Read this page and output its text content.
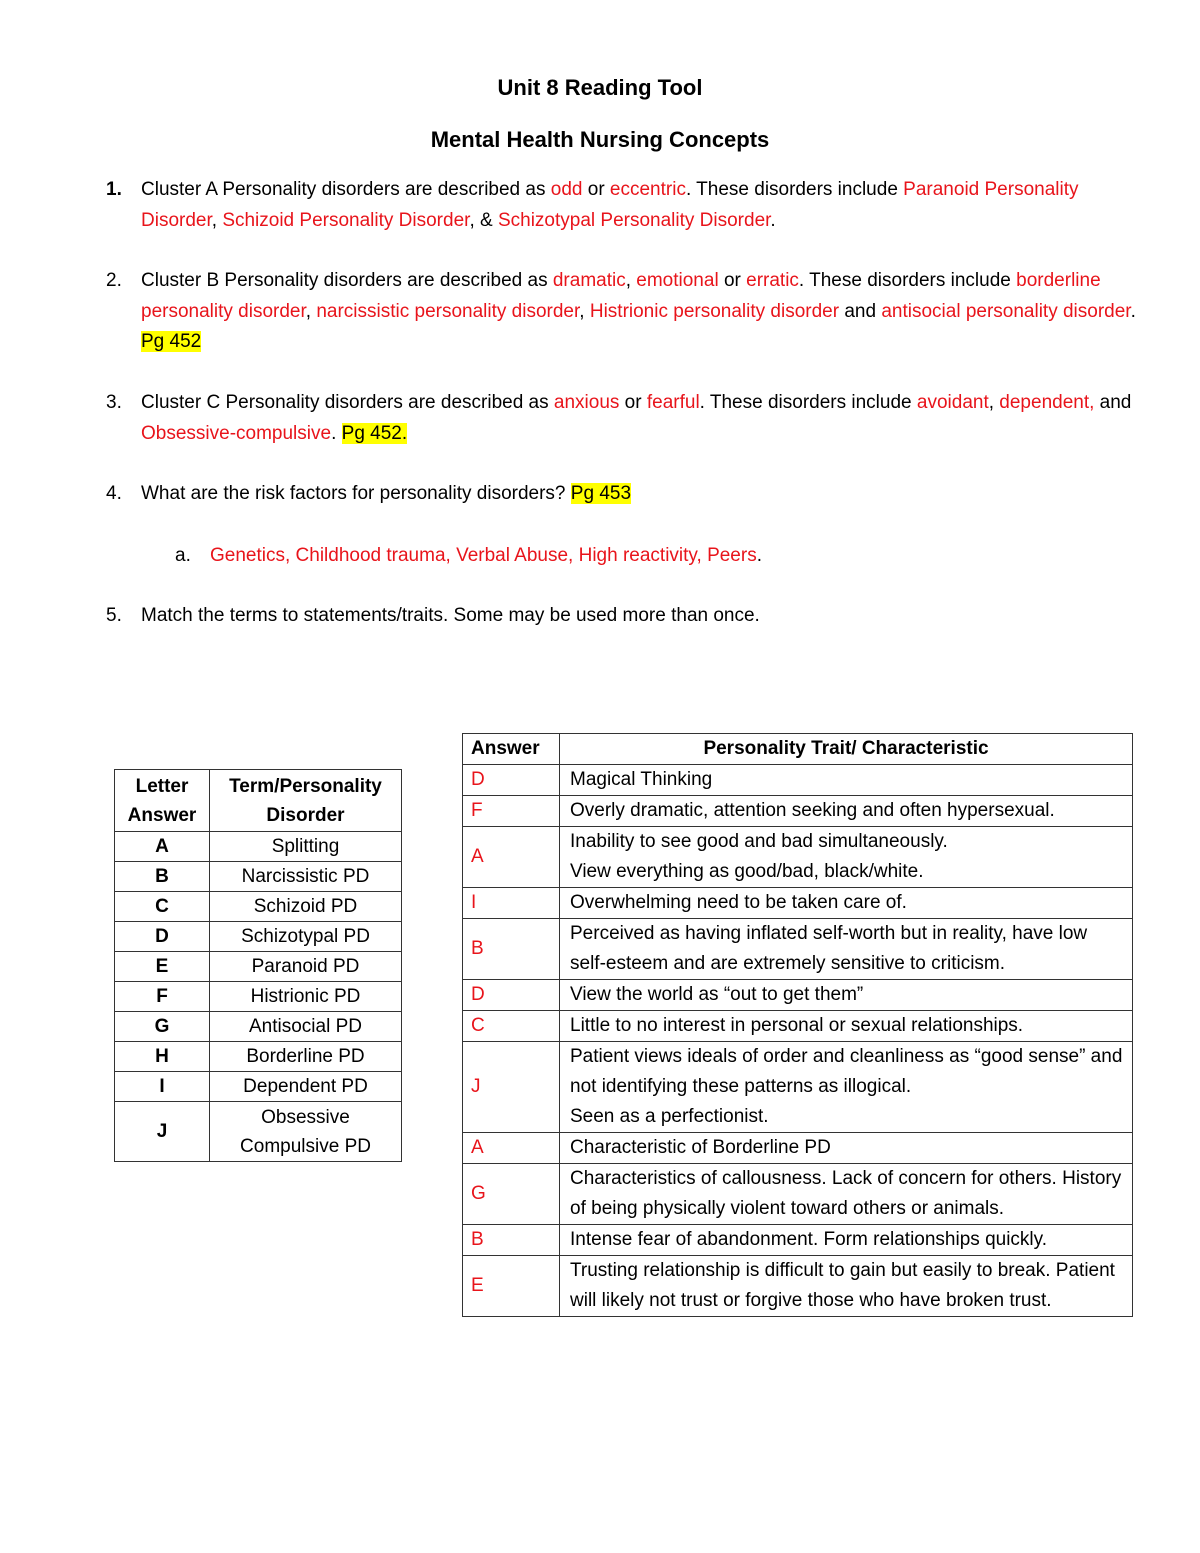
Unit 8 Reading Tool
Mental Health Nursing Concepts
1. Cluster A Personality disorders are described as odd or eccentric. These disorders include Paranoid Personality Disorder, Schizoid Personality Disorder, & Schizotypal Personality Disorder.
2. Cluster B Personality disorders are described as dramatic, emotional or erratic. These disorders include borderline personality disorder, narcissistic personality disorder, Histrionic personality disorder and antisocial personality disorder. Pg 452
3. Cluster C Personality disorders are described as anxious or fearful. These disorders include avoidant, dependent, and Obsessive-compulsive. Pg 452.
4. What are the risk factors for personality disorders? Pg 453
a. Genetics, Childhood trauma, Verbal Abuse, High reactivity, Peers.
5. Match the terms to statements/traits. Some may be used more than once.
Letter Answer	Term/Personality Disorder
A	Splitting
B	Narcissistic PD
C	Schizoid PD
D	Schizotypal PD
E	Paranoid PD
F	Histrionic PD
G	Antisocial PD
H	Borderline PD
I	Dependent PD
J	Obsessive Compulsive PD
Answer	Personality Trait/ Characteristic
D	Magical Thinking
F	Overly dramatic, attention seeking and often hypersexual.
A	Inability to see good and bad simultaneously.
View everything as good/bad, black/white.
I	Overwhelming need to be taken care of.
B	Perceived as having inflated self-worth but in reality, have low self-esteem and are extremely sensitive to criticism.
D	View the world as “out to get them”
C	Little to no interest in personal or sexual relationships.
J	Patient views ideals of order and cleanliness as “good sense” and not identifying these patterns as illogical.
Seen as a perfectionist.
A	Characteristic of Borderline PD
G	Characteristics of callousness. Lack of concern for others. History of being physically violent toward others or animals.
B	Intense fear of abandonment. Form relationships quickly.
E	Trusting relationship is difficult to gain but easily to break. Patient will likely not trust or forgive those who have broken trust.
